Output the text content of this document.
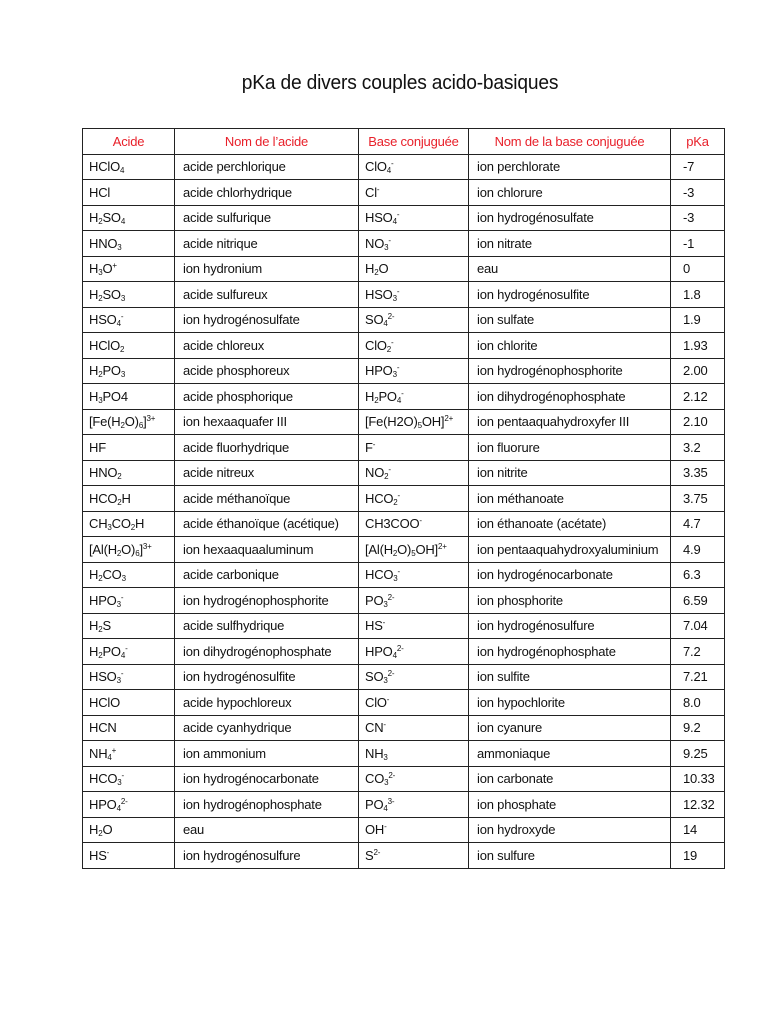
pKa de divers couples acido-basiques
Acide	Nom de l’acide	Base conjuguée	Nom de la base conjuguée	pKa
HClO$_4$	acide perchlorique	ClO$_4$-	ion perchlorate	-7
HCl	acide chlorhydrique	Cl-	ion chlorure	-3
$H_2SO_4$	acide sulfurique	$HSO_4^-$	ion hydrogénosulfate	-3
$HNO_3$	acide nitrique	$NO_3^-$	ion nitrate	-1
$H_3O^+$	ion hydronium	$H_2O$	eau	0
$H_2SO_3$	acide sulfureux	$HSO_3^-$	ion hydrogénosulfite	1.8
$HSO_4^-$	ion hydrogénosulfate	$SO_4^{2-}$	ion sulfate	1.9
HClO$_2$	acide chloreux	ClO$_2$-	ion chlorite	1.93
$H_2PO_3$	acide phosphoreux	$HPO_3^-$	ion hydrogénophosphorite	2.00
$H_3PO4$	acide phosphorique	$H_2PO_4^-$	ion dihydrogénophosphate	2.12
$[Fe(H_2O)_6]^{3+}$	ion hexaaquafer III	$[Fe(H2O)_5OH]^{2+}$	ion pentaaquahydroxyfer III	2.10
HF	acide fluorhydrique	F-	ion fluorure	3.2
$HNO_2$	acide nitreux	$NO_2^-$	ion nitrite	3.35
$HCO_2H$	acide méthanoïque	$HCO_2^-$	ion méthanoate	3.75
$CH_3CO_2H$	acide éthanoïque (acétique)	CH3COO-	ion éthanoate (acétate)	4.7
$[Al(H_2O)_6]^{3+}$	ion hexaaquaaluminum	$[Al(H_2O)_5OH]^{2+}$	ion pentaaquahydroxyaluminium	4.9
$H_2CO_3$	acide carbonique	$HCO_3^-$	ion hydrogénocarbonate	6.3
$HPO_3^-$	ion hydrogénophosphorite	$PO_3^{2-}$	ion phosphorite	6.59
$H_2S$	acide sulfhydrique	HS-	ion hydrogénosulfure	7.04
$H_2PO_4^-$	ion dihydrogénophosphate	$HPO_4^{2-}$	ion hydrogénophosphate	7.2
$HSO_3^-$	ion hydrogénosulfite	$SO_3^{2-}$	ion sulfite	7.21
HClO	acide hypochloreux	ClO-	ion hypochlorite	8.0
HCN	acide cyanhydrique	CN-	ion cyanure	9.2
$NH_4^+$	ion ammonium	$NH_3$	ammoniaque	9.25
$HCO_3^-$	ion hydrogénocarbonate	$CO_3^{2-}$	ion carbonate	10.33
$HPO_4^{2-}$	ion hydrogénophosphate	$PO_4^{3-}$	ion phosphate	12.32
$H_2O$	eau	OH-	ion hydroxyde	14
HS-	ion hydrogénosulfure	$S^{2-}$	ion sulfure	19
